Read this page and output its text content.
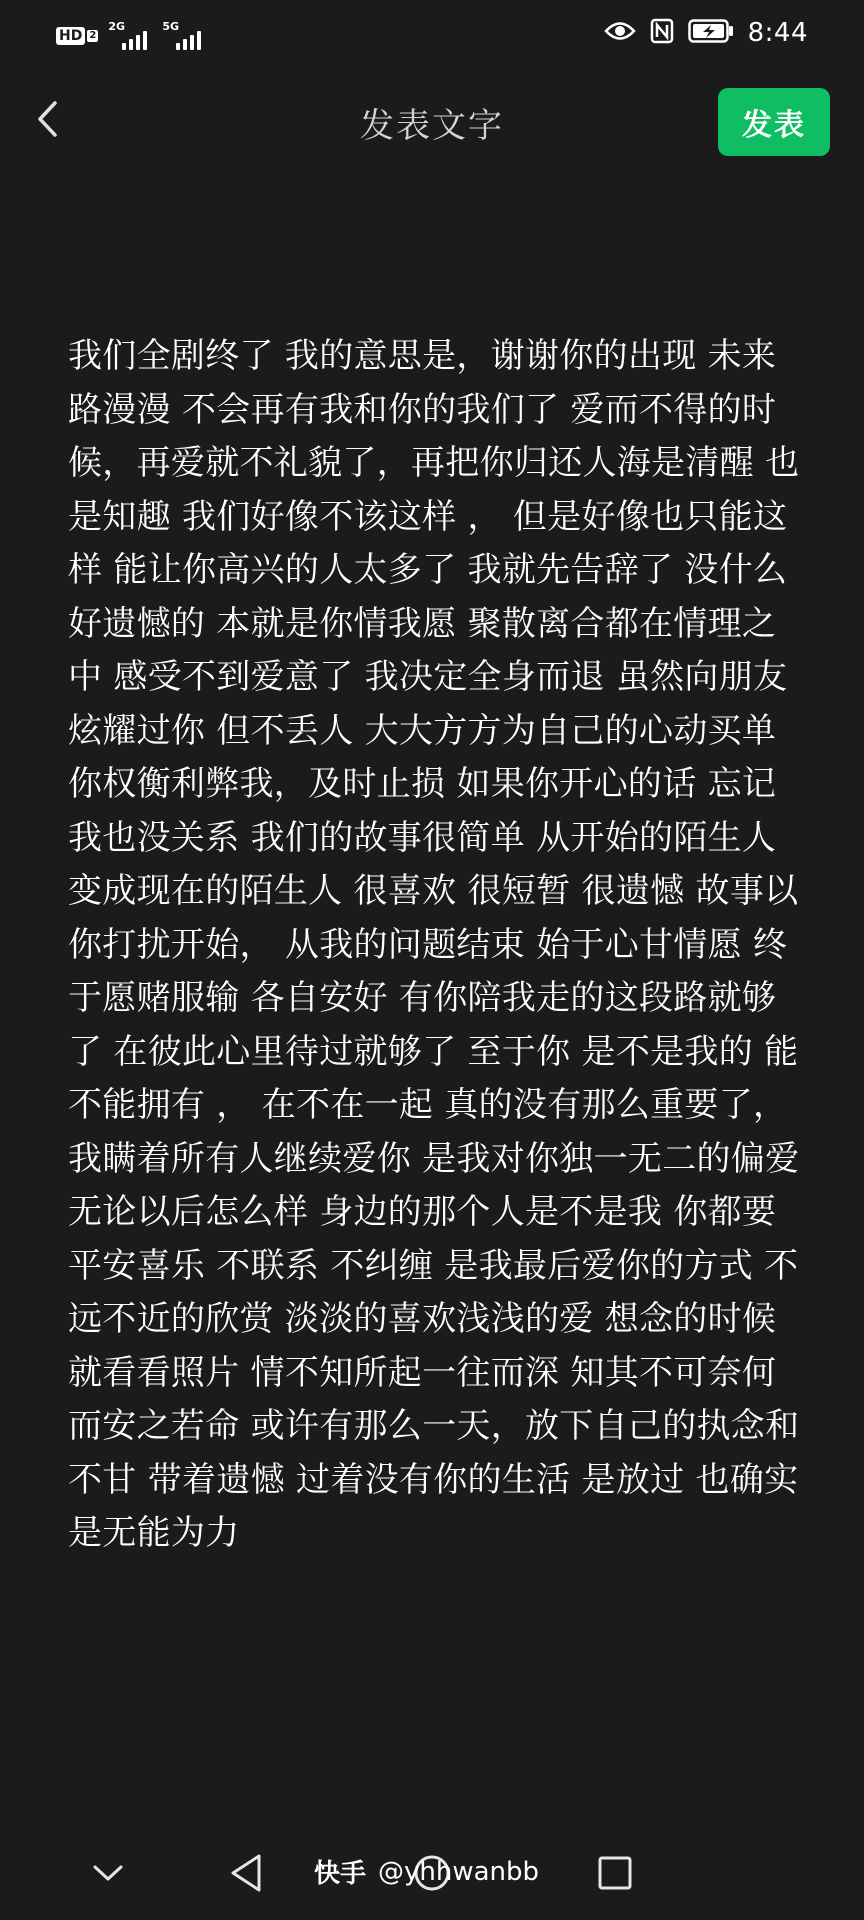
HD 2
2G	5G	8:44
发表文字	发表
我们全剧终了 我的意思是，谢谢你的出现 未来路漫漫 不会再有我和你的我们了 爱而不得的时候，再爱就不礼貌了，再把你归还人海是清醒 也是知趣 我们好像不该这样 ， 但是好像也只能这样 能让你高兴的人太多了 我就先告辞了 没什么好遗憾的 本就是你情我愿 聚散离合都在情理之中 感受不到爱意了 我决定全身而退 虽然向朋友炫耀过你 但不丢人 大大方方为自己的心动买单 你权衡利弊我，及时止损 如果你开心的话 忘记我也没关系 我们的故事很简单 从开始的陌生人变成现在的陌生人 很喜欢 很短暂 很遗憾 故事以你打扰开始， 从我的问题结束 始于心甘情愿 终于愿赌服输 各自安好 有你陪我走的这段路就够了 在彼此心里待过就够了 至于你 是不是我的 能不能拥有 ， 在不在一起 真的没有那么重要了，我瞒着所有人继续爱你 是我对你独一无二的偏爱 无论以后怎么样 身边的那个人是不是我 你都要平安喜乐 不联系 不纠缠 是我最后爱你的方式 不远不近的欣赏 淡淡的喜欢浅浅的爱 想念的时候就看看照片 情不知所起一往而深 知其不可奈何 而安之若命 或许有那么一天，放下自己的执念和不甘 带着遗憾 过着没有你的生活 是放过 也确实是无能为力
快手 @yhhwanbb
